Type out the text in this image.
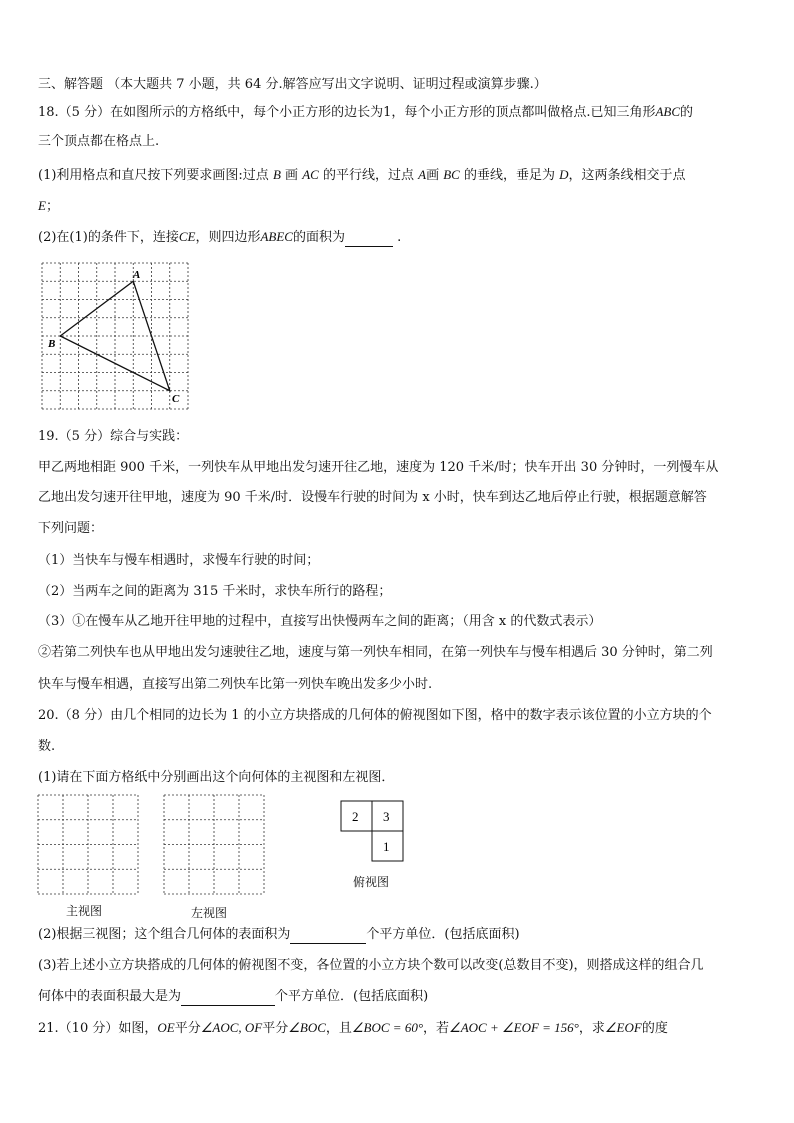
三、解答题 （本大题共 7 小题，共 64 分.解答应写出文字说明、证明过程或演算步骤.）
18.（5 分）在如图所示的方格纸中，每个小正方形的边长为1，每个小正方形的顶点都叫做格点.已知三角形ABC的
三个顶点都在格点上.
(1)利用格点和直尺按下列要求画图:过点 B 画 AC 的平行线，过点 A画 BC 的垂线，垂足为 D，这两条线相交于点
E；
(2)在(1)的条件下，连接CE，则四边形ABEC的面积为	.
A
B
C
19.（5 分）综合与实践：
甲乙两地相距 900 千米，一列快车从甲地出发匀速开往乙地，速度为 120 千米/时；快车开出 30 分钟时，一列慢车从
乙地出发匀速开往甲地，速度为 90 千米/时．设慢车行驶的时间为 x 小时，快车到达乙地后停止行驶，根据题意解答
下列问题：
（1）当快车与慢车相遇时，求慢车行驶的时间；
（2）当两车之间的距离为 315 千米时，求快车所行的路程；
（3）①在慢车从乙地开往甲地的过程中，直接写出快慢两车之间的距离；（用含 x 的代数式表示）
②若第二列快车也从甲地出发匀速驶往乙地，速度与第一列快车相同，在第一列快车与慢车相遇后 30 分钟时，第二列
快车与慢车相遇，直接写出第二列快车比第一列快车晚出发多少小时.
20.（8 分）由几个相同的边长为 1 的小立方块搭成的几何体的俯视图如下图，格中的数字表示该位置的小立方块的个
数.
(1)请在下面方格纸中分别画出这个向何体的主视图和左视图．
主视图	左视图
2 3
1
俯视图
(2)根据三视图；这个组合几何体的表面积为	个平方单位．(包括底面积)
(3)若上述小立方块搭成的几何体的俯视图不变，各位置的小立方块个数可以改变(总数目不变)，则搭成这样的组合几
何体中的表面积最大是为	个平方单位．(包括底面积)
21.（10 分）如图，OE平分∠AOC, OF平分∠BOC，且∠BOC = 60°，若∠AOC + ∠EOF = 156°，求∠EOF的度
